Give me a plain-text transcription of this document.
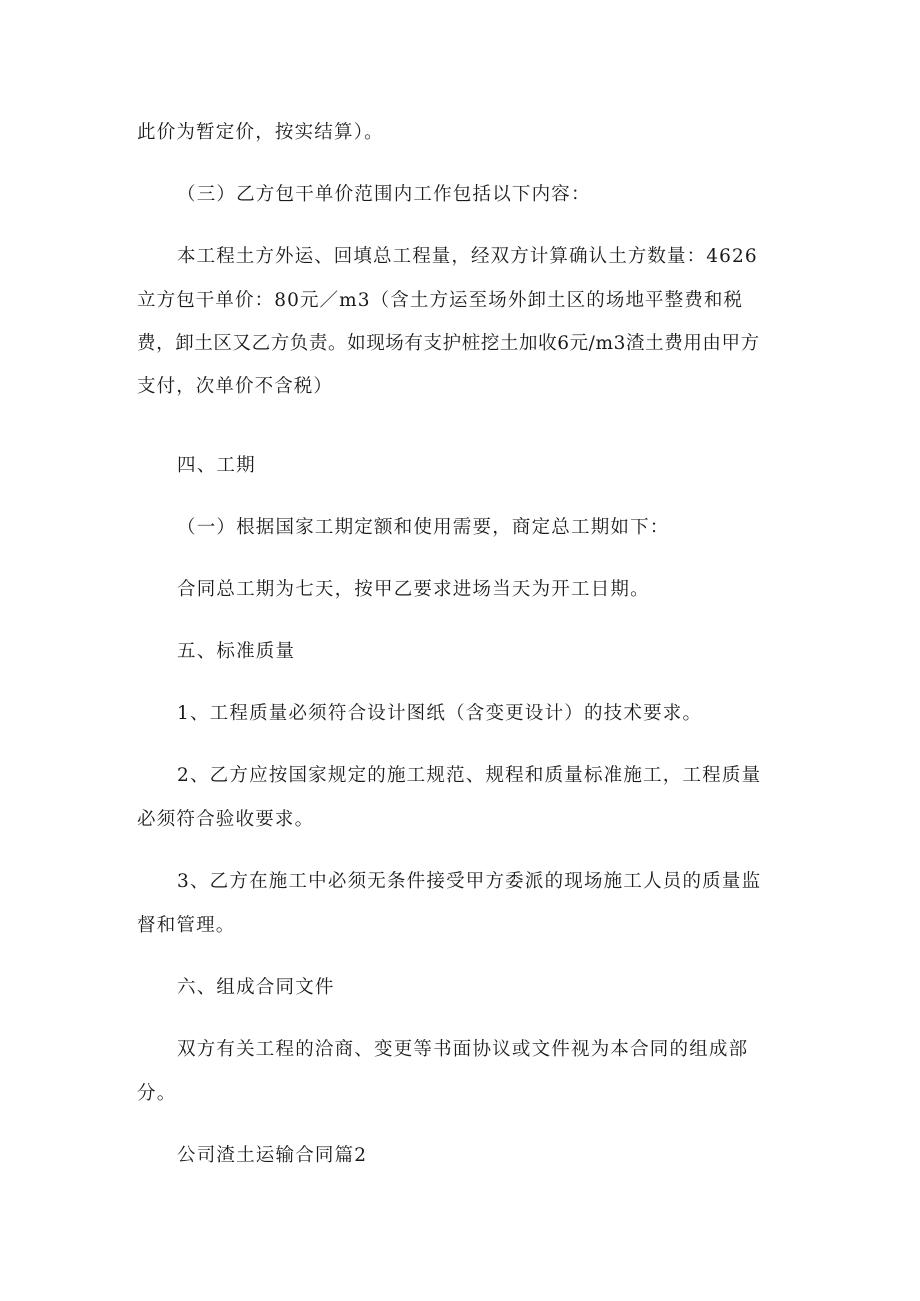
此价为暂定价，按实结算）。

（三）乙方包干单价范围内工作包括以下内容：

本工程土方外运、回填总工程量，经双方计算确认土方数量：4626

立方包干单价：80元／m3（含土方运至场外卸土区的场地平整费和税
费，卸土区又乙方负责。如现场有支护桩挖土加收6元/m3渣土费用由甲方
支付，次单价不含税）

四、工期

（一）根据国家工期定额和使用需要，商定总工期如下：

合同总工期为七天，按甲乙要求进场当天为开工日期。

五、标准质量

1、工程质量必须符合设计图纸（含变更设计）的技术要求。

2、乙方应按国家规定的施工规范、规程和质量标准施工，工程质量

必须符合验收要求。

3、乙方在施工中必须无条件接受甲方委派的现场施工人员的质量监

督和管理。

六、组成合同文件

双方有关工程的洽商、变更等书面协议或文件视为本合同的组成部

分。

公司渣土运输合同篇2
